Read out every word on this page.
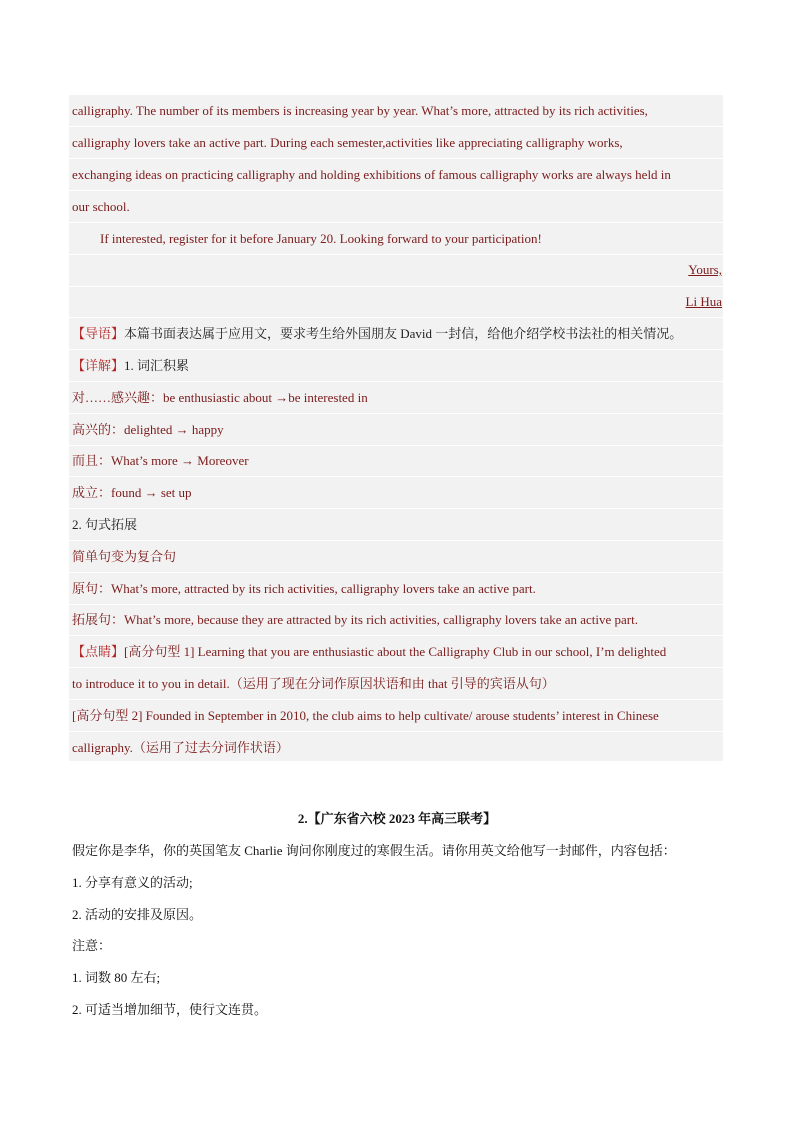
calligraphy. The number of its members is increasing year by year. What’s more, attracted by its rich activities,
calligraphy lovers take an active part. During each semester,activities like appreciating calligraphy works,
exchanging ideas on practicing calligraphy and holding exhibitions of famous calligraphy works are always held in
our school.
If interested, register for it before January 20. Looking forward to your participation!
Yours,
Li Hua
【导语】本篇书面表达属于应用文，要求考生给外国朋友 David 一封信，给他介绍学校书法社的相关情况。
【详解】1. 词汇积累
对……感兴趣：be enthusiastic about →be interested in
高兴的：delighted → happy
而且：What’s more → Moreover
成立：found → set up
2. 句式拓展
简单句变为复合句
原句：What’s more, attracted by its rich activities, calligraphy lovers take an active part.
拓展句：What’s more, because they are attracted by its rich activities, calligraphy lovers take an active part.
【点睛】[高分句型 1] Learning that you are enthusiastic about the Calligraphy Club in our school, I’m delighted
to introduce it to you in detail.（运用了现在分词作原因状语和由 that 引导的宾语从句）
[高分句型 2] Founded in September in 2010, the club aims to help cultivate/ arouse students’ interest in Chinese
calligraphy.（运用了过去分词作状语）
2.【广东省六校 2023 年高三联考】
假定你是李华，你的英国笔友 Charlie 询问你刚度过的寒假生活。请你用英文给他写一封邮件，内容包括：
1. 分享有意义的活动;
2. 活动的安排及原因。
注意：
1. 词数 80 左右;
2. 可适当增加细节，使行文连贯。
